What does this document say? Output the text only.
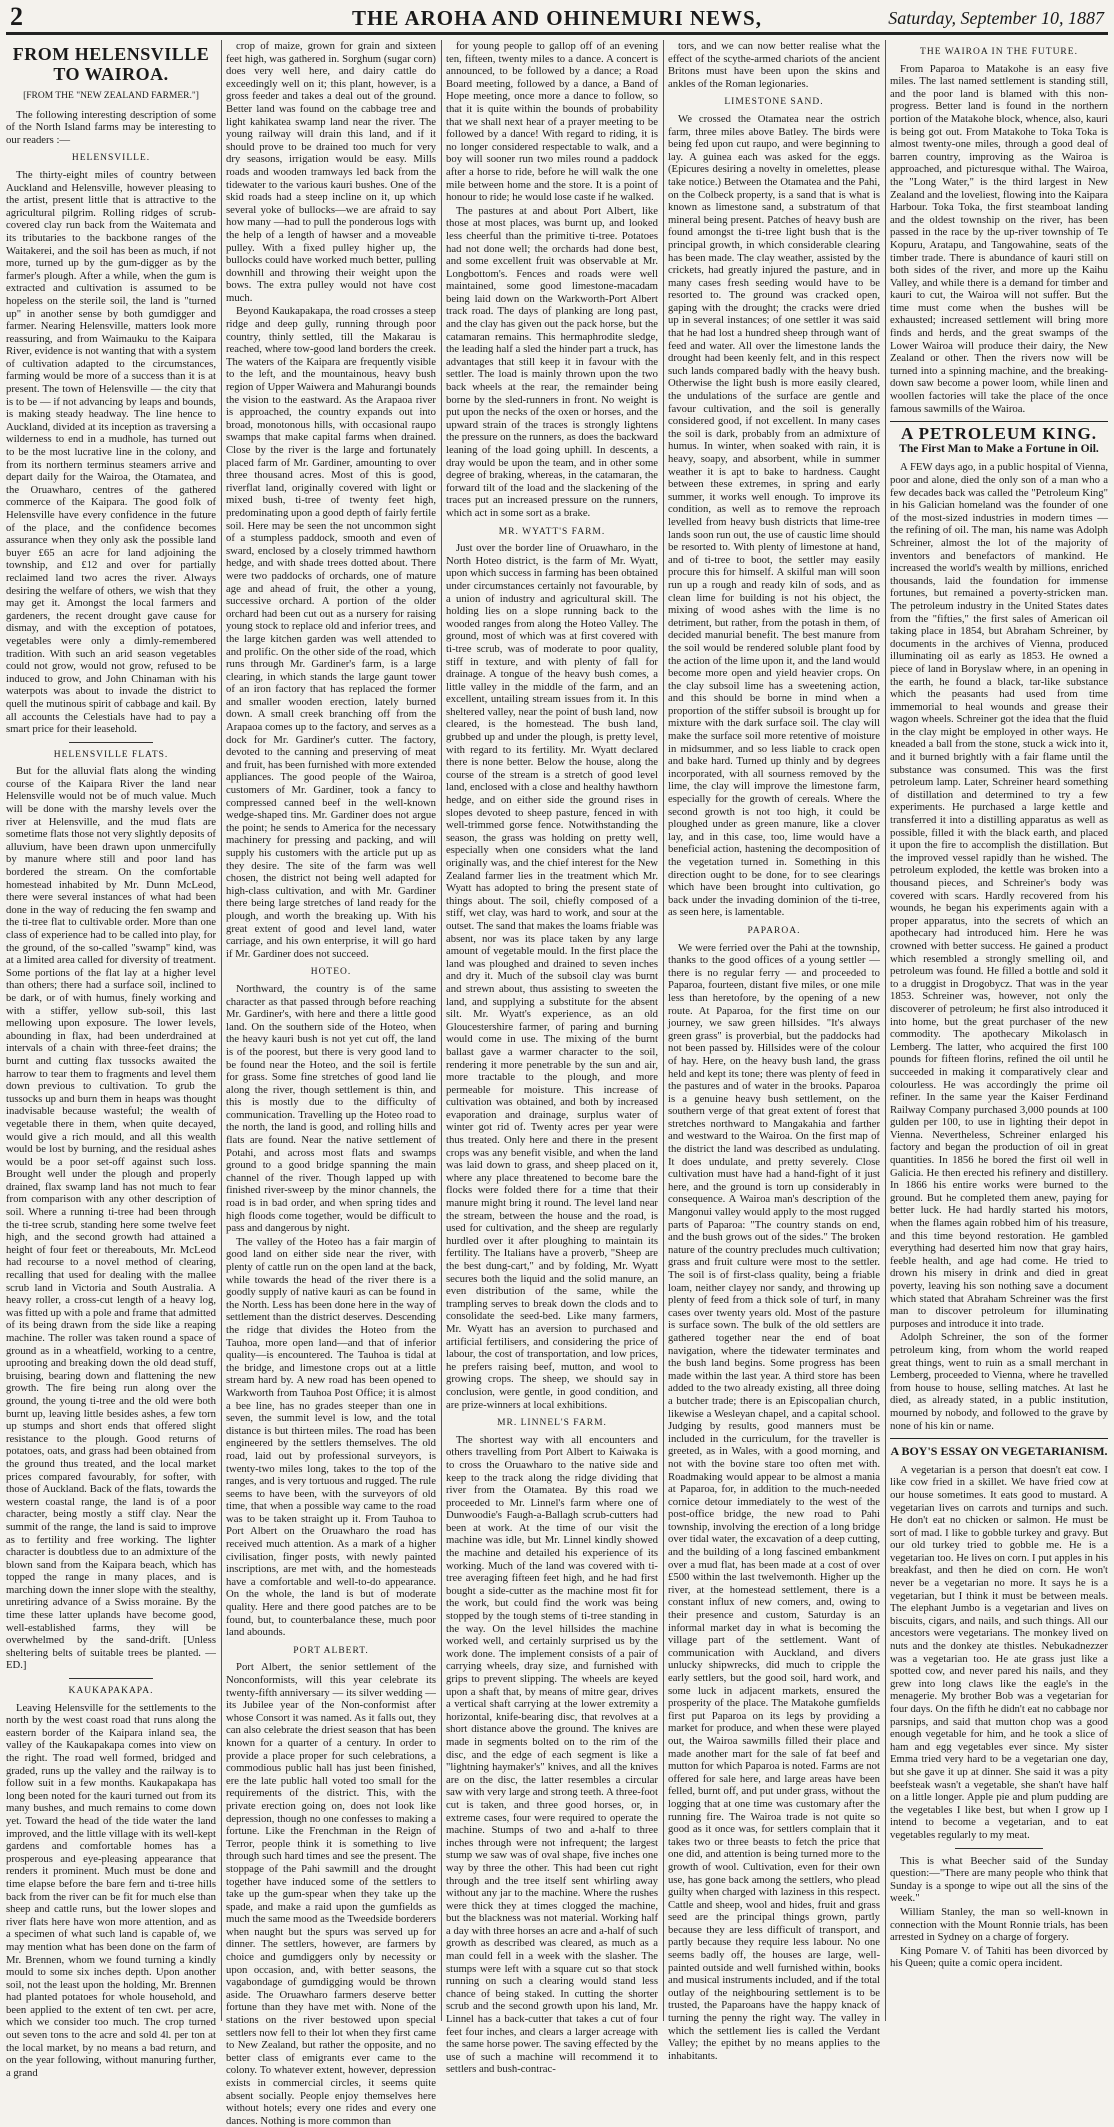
2	THE AROHA AND OHINEMURI NEWS,	Saturday, September 10, 1887
FROM HELENSVILLE TO WAIROA.
[FROM THE "NEW ZEALAND FARMER."]

The following interesting description of some of the North Island farms may be interesting to our readers :—

HELENSVILLE.

The thirty-eight miles of country between Auckland and Helensville, however pleasing to the artist, present little that is attractive to the agricultural pilgrim. Rolling ridges of scrub-covered clay run back from the Waitemata and its tributaries to the backbone ranges of the Waitakerei, and the soil has been as much, if not more, turned up by the gum-digger as by the farmer's plough. After a while, when the gum is extracted and cultivation is assumed to be hopeless on the sterile soil, the land is "turned up" in another sense by both gumdigger and farmer. Nearing Helensville, matters look more reassuring, and from Waimauku to the Kaipara River, evidence is not wanting that with a system of cultivation adapted to the circumstances, farming would be more of a success than it is at present. The town of Helensville — the city that is to be — if not advancing by leaps and bounds, is making steady headway. The line hence to Auckland, divided at its inception as traversing a wilderness to end in a mudhole, has turned out to be the most lucrative line in the colony, and from its northern terminus steamers arrive and depart daily for the Wairoa, the Otamatea, and the Oruawharo, centres of the gathered commerce of the Kaipara. The good folk of Helensville have every confidence in the future of the place, and the confidence becomes assurance when they only ask the possible land buyer £65 an acre for land adjoining the township, and £12 and over for partially reclaimed land two acres the river. Always desiring the welfare of others, we wish that they may get it. Amongst the local farmers and gardeners, the recent drought gave cause for dismay, and with the exception of potatoes, vegetables were only a dimly-remembered tradition. With such an arid season vegetables could not grow, would not grow, refused to be induced to grow, and John Chinaman with his waterpots was about to invade the district to quell the mutinous spirit of cabbage and kail. By all accounts the Celestials have had to pay a smart price for their leasehold.

HELENSVILLE FLATS.

But for the alluvial flats along the winding course of the Kaipara River the land near Helensville would not be of much value. Much will be done with the marshy levels over the river at Helensville, and the mud flats are sometime flats those not very slightly deposits of alluvium, have been drawn upon unmercifully by manure where still and poor land has bordered the stream. On the comfortable homestead inhabited by Mr. Dunn McLeod, there were several instances of what had been done in the way of reducing the fen swamp and the ti-tree flat to cultivable order. More than one class of experience had to be called into play, for the ground, of the so-called "swamp" kind, was at a limited area called for diversity of treatment. Some portions of the flat lay at a higher level than others; there had a surface soil, inclined to be dark, or of with humus, finely working and with a stiffer, yellow sub-soil, this last mellowing upon exposure. The lower levels, abounding in flax, had been underdrained at intervals of a chain with three-feet drains; the burnt and cutting flax tussocks awaited the harrow to tear them to fragments and level them down previous to cultivation. To grub the tussocks up and burn them in heaps was thought inadvisable because wasteful; the wealth of vegetable there in them, when quite decayed, would give a rich mould, and all this wealth would be lost by burning, and the residual ashes would be a poor set-off against such loss. Brought well under the plough and properly drained, flax swamp land has not much to fear from comparison with any other description of soil. Where a running ti-tree had been through the ti-tree scrub, standing here some twelve feet high, and the second growth had attained a height of four feet or thereabouts, Mr. McLeod had recourse to a novel method of clearing, recalling that used for dealing with the mallee scrub land in Victoria and South Australia. A heavy roller, a cross-cut length of a heavy log, was fitted up with a pole and frame that admitted of its being drawn from the side like a reaping machine. The roller was taken round a space of ground as in a wheatfield, working to a centre, uprooting and breaking down the old dead stuff, bruising, bearing down and flattening the new growth. The fire being run along over the ground, the young ti-tree and the old were both burnt up, leaving little besides ashes, a few torn up stumps and short ends that offered slight resistance to the plough. Good returns of potatoes, oats, and grass had been obtained from the ground thus treated, and the local market prices compared favourably, for softer, with those of Auckland. Back of the flats, towards the western coastal range, the land is of a poor character, being mostly a stiff clay. Near the summit of the range, the land is said to improve as to fertility and free working. The lighter character is doubtless due to an admixture of the blown sand from the Kaipara beach, which has topped the range in many places, and is marching down the inner slope with the stealthy, unretiring advance of a Swiss moraine. By the time these latter uplands have become good, well-established farms, they will be overwhelmed by the sand-drift. [Unless sheltering belts of suitable trees be planted. —ED.]

KAUKAPAKAPA.

Leaving Helensville for the settlements to the north by the west coast road that runs along the eastern border of the Kaipara inland sea, the valley of the Kaukapakapa comes into view on the right. The road well formed, bridged and graded, runs up the valley and the railway is to follow suit in a few months. Kaukapakapa has long been noted for the kauri turned out from its many bushes, and much remains to come down yet. Toward the head of the tide water the land improved, and the little village with its well-kept gardens and comfortable homes has a prosperous and eye-pleasing appearance that renders it prominent. Much must be done and time elapse before the bare fern and ti-tree hills back from the river can be fit for much else than sheep and cattle runs, but the lower slopes and river flats here have won more attention, and as a specimen of what such land is capable of, we may mention what has been done on the farm of Mr. Brennen, whom we found turning a kindly mould to some six inches depth. Upon another soil, not the least upon the holding, Mr. Brennen had planted potatoes for whole household, and been applied to the extent of ten cwt. per acre, which we consider too much. The crop turned out seven tons to the acre and sold 4l. per ton at the local market, by no means a bad return, and on the year following, without manuring further, a grand

crop of maize, grown for grain and sixteen feet high, was gathered in. Sorghum (sugar corn) does very well here, and dairy cattle do exceedingly well on it; this plant, however, is a gross feeder and takes a deal out of the ground. Better land was found on the cabbage tree and light kahikatea swamp land near the river. The young railway will drain this land, and if it should prove to be drained too much for very dry seasons, irrigation would be easy. Mills roads and wooden tramways led back from the tidewater to the various kauri bushes. One of the skid roads had a steep incline on it, up which several yoke of bullocks—we are afraid to say how many —had to pull the ponderous logs with the help of a length of hawser and a moveable pulley. With a fixed pulley higher up, the bullocks could have worked much better, pulling downhill and throwing their weight upon the bows. The extra pulley would not have cost much.

Beyond Kaukapakapa, the road crosses a steep ridge and deep gully, running through poor country, thinly settled, till the Makarau is reached, where tow-good land borders the creek. The waters of the Kaipara are frequently visible to the left, and the mountainous, heavy bush region of Upper Waiwera and Mahurangi bounds the vision to the eastward. As the Arapaoa river is approached, the country expands out into broad, monotonous hills, with occasional raupo swamps that make capital farms when drained. Close by the river is the large and fortunately placed farm of Mr. Gardiner, amounting to over three thousand acres. Most of this is good, riverflat land, originally covered with light or mixed bush, ti-tree of twenty feet high, predominating upon a good depth of fairly fertile soil. Here may be seen the not uncommon sight of a stumpless paddock, smooth and even of sward, enclosed by a closely trimmed hawthorn hedge, and with shade trees dotted about. There were two paddocks of orchards, one of mature age and ahead of fruit, the other a young, successive orchard. A portion of the older orchard had been cut out as a nursery for raising young stock to replace old and inferior trees, and the large kitchen garden was well attended to and prolific. On the other side of the road, which runs through Mr. Gardiner's farm, is a large clearing, in which stands the large gaunt tower of an iron factory that has replaced the former and smaller wooden erection, lately burned down. A small creek branching off from the Arapaoa comes up to the factory, and serves as a dock for Mr. Gardiner's cutter. The factory, devoted to the canning and preserving of meat and fruit, has been furnished with more extended appliances. The good people of the Wairoa, customers of Mr. Gardiner, took a fancy to compressed canned beef in the well-known wedge-shaped tins. Mr. Gardiner does not argue the point; he sends to America for the necessary machinery for pressing and packing, and will supply his customers with the article put up as they desire. The site of the farm was well chosen, the district not being well adapted for high-class cultivation, and with Mr. Gardiner there being large stretches of land ready for the plough, and worth the breaking up. With his great extent of good and level land, water carriage, and his own enterprise, it will go hard if Mr. Gardiner does not succeed.

HOTEO.

Northward, the country is of the same character as that passed through before reaching Mr. Gardiner's, with here and there a little good land. On the southern side of the Hoteo, when the heavy kauri bush is not yet cut off, the land is of the poorest, but there is very good land to be found near the Hoteo, and the soil is fertile for grass. Some fine stretches of good land lie along the river, though settlement is thin, and this is mostly due to the difficulty of communication. Travelling up the Hoteo road to the north, the land is good, and rolling hills and flats are found. Near the native settlement of Potahi, and across most flats and swamps ground to a good bridge spanning the main channel of the river. Though lapped up with finished river-sweep by the minor channels, the road is in bad order, and when spring tides and high floods come together, would be difficult to pass and dangerous by night.

The valley of the Hoteo has a fair margin of good land on either side near the river, with plenty of cattle run on the open land at the back, while towards the head of the river there is a goodly supply of native kauri as can be found in the North. Less has been done here in the way of settlement than the district deserves. Descending the ridge that divides the Hoteo from the Tauhoa, more open land—and that of inferior quality—is encountered. The Tauhoa is tidal at the bridge, and limestone crops out at a little stream hard by. A new road has been opened to Warkworth from Tauhoa Post Office; it is almost a bee line, has no grades steeper than one in seven, the summit level is low, and the total distance is but thirteen miles. The road has been engineered by the settlers themselves. The old road, laid out by professional surveyors, is twenty-two miles long, takes to the top of the ranges, and is very tortuous and rugged. The rule seems to have been, with the surveyors of old time, that when a possible way came to the road was to be taken straight up it. From Tauhoa to Port Albert on the Oruawharo the road has received much attention. As a mark of a higher civilisation, finger posts, with newly painted inscriptions, are met with, and the homesteads have a comfortable and well-to-do appearance. On the whole, the land is but of moderate quality. Here and there good patches are to be found, but, to counterbalance these, much poor land abounds.

PORT ALBERT.

Port Albert, the senior settlement of the Nonconformists, will this year celebrate its twenty-fifth anniversary — its silver wedding — its Jubilee year of the Non-conformist after whose Consort it was named. As it falls out, they can also celebrate the driest season that has been known for a quarter of a century. In order to provide a place proper for such celebrations, a commodious public hall has just been finished, ere the late public hall voted too small for the requirements of the district. This, with the private erection going on, does not look like depression, though no one confesses to making a fortune. Like the Frenchman in the Reign of Terror, people think it is something to live through such hard times and see the present. The stoppage of the Pahi sawmill and the drought together have induced some of the settlers to take up the gum-spear when they take up the spade, and make a raid upon the gumfields as much the same mood as the Tweedside borderers when naught but the spurs was served up for dinner. The settlers, however, are farmers by choice and gumdiggers only by necessity or upon occasion, and, with better seasons, the vagabondage of gumdigging would be thrown aside. The Oruawharo farmers deserve better fortune than they have met with. None of the stations on the river bestowed upon special settlers now fell to their lot when they first came to New Zealand, but rather the opposite, and no better class of emigrants ever came to the colony. To whatever extent, however, depression exists in commercial circles, it seems quite absent socially. People enjoy themselves here without hotels; every one rides and every one dances. Nothing is more common than

for young people to gallop off of an evening ten, fifteen, twenty miles to a dance. A concert is announced, to be followed by a dance; a Road Board meeting, followed by a dance, a Band of Hope meeting, once more a dance to follow, so that it is quite within the bounds of probability that we shall next hear of a prayer meeting to be followed by a dance! With regard to riding, it is no longer considered respectable to walk, and a boy will sooner run two miles round a paddock after a horse to ride, before he will walk the one mile between home and the store. It is a point of honour to ride; he would lose caste if he walked.

The pastures at and about Port Albert, like those at most places, was burnt up, and looked less cheerful than the primitive ti-tree. Potatoes had not done well; the orchards had done best, and some excellent fruit was observable at Mr. Longbottom's. Fences and roads were well maintained, some good limestone-macadam being laid down on the Warkworth-Port Albert track road. The days of planking are long past, and the clay has given out the pack horse, but the catamaran remains. This hermaphrodite sledge, the leading half a sled the hinder part a truck, has advantages that still keep it in favour with the settler. The load is mainly thrown upon the two back wheels at the rear, the remainder being borne by the sled-runners in front. No weight is put upon the necks of the oxen or horses, and the upward strain of the traces is strongly lightens the pressure on the runners, as does the backward leaning of the load going uphill. In descents, a dray would be upon the team, and in other some degree of braking, whereas, in the catamaran, the forward tilt of the load and the slackening of the traces put an increased pressure on the runners, which act in some sort as a brake.

MR. WYATT'S FARM.

Just over the border line of Oruawharo, in the North Hoteo district, is the farm of Mr. Wyatt, upon which success in farming has been obtained under circumstances certainly not favourable, by a union of industry and agricultural skill. The holding lies on a slope running back to the wooded ranges from along the Hoteo Valley. The ground, most of which was at first covered with ti-tree scrub, was of moderate to poor quality, stiff in texture, and with plenty of fall for drainage. A tongue of the heavy bush comes, a little valley in the middle of the farm, and an excellent, untailing stream issues from it. In this sheltered valley, near the point of bush land, now cleared, is the homestead. The bush land, grubbed up and under the plough, is pretty level, with regard to its fertility. Mr. Wyatt declared there is none better. Below the house, along the course of the stream is a stretch of good level land, enclosed with a close and healthy hawthorn hedge, and on either side the ground rises in slopes devoted to sheep pasture, fenced in with well-trimmed gorse fence. Notwithstanding the season, the grass was holding on pretty well, especially when one considers what the land originally was, and the chief interest for the New Zealand farmer lies in the treatment which Mr. Wyatt has adopted to bring the present state of things about. The soil, chiefly composed of a stiff, wet clay, was hard to work, and sour at the outset. The sand that makes the loams friable was absent, nor was its place taken by any large amount of vegetable mould. In the first place the land was ploughed and drained to seven inches and dry it. Much of the subsoil clay was burnt and strewn about, thus assisting to sweeten the land, and supplying a substitute for the absent silt. Mr. Wyatt's experience, as an old Gloucestershire farmer, of paring and burning would come in use. The mixing of the burnt ballast gave a warmer character to the soil, rendering it more penetrable by the sun and air, more tractable to the plough, and more permeable for moisture. This increase of cultivation was obtained, and both by increased evaporation and drainage, surplus water of winter got rid of. Twenty acres per year were thus treated. Only here and there in the present crops was any benefit visible, and when the land was laid down to grass, and sheep placed on it, where any place threatened to become bare the flocks were folded there for a time that their manure might bring it round. The level land near the stream, between the house and the road, is used for cultivation, and the sheep are regularly hurdled over it after ploughing to maintain its fertility. The Italians have a proverb, "Sheep are the best dung-cart," and by folding, Mr. Wyatt secures both the liquid and the solid manure, an even distribution of the same, while the trampling serves to break down the clods and to consolidate the seed-bed. Like many farmers, Mr. Wyatt has an aversion to purchased and artificial fertilisers, and considering the price of labour, the cost of transportation, and low prices, he prefers raising beef, mutton, and wool to growing crops. The sheep, we should say in conclusion, were gentle, in good condition, and are prize-winners at local exhibitions.

MR. LINNEL'S FARM.

The shortest way with all encounters and others travelling from Port Albert to Kaiwaka is to cross the Oruawharo to the native side and keep to the track along the ridge dividing that river from the Otamatea. By this road we proceeded to Mr. Linnel's farm where one of Dunwoodie's Faugh-a-Ballagh scrub-cutters had been at work. At the time of our visit the machine was idle, but Mr. Linnel kindly showed the machine and detailed his experience of its working. Much of the land was covered with ti-tree averaging fifteen feet high, and he had first bought a side-cutter as the machine most fit for the work, but could find the work was being stopped by the tough stems of ti-tree standing in the way. On the level hillsides the machine worked well, and certainly surprised us by the work done. The implement consists of a pair of carrying wheels, dray size, and furnished with grips to prevent slipping. The wheels are keyed upon a shaft that, by means of mitre gear, drives a vertical shaft carrying at the lower extremity a horizontal, knife-bearing disc, that revolves at a short distance above the ground. The knives are made in segments bolted on to the rim of the disc, and the edge of each segment is like a "lightning haymaker's" knives, and all the knives are on the disc, the latter resembles a circular saw with very large and strong teeth. A three-foot cut is taken, and three good horses, or, in extreme cases, four were required to operate the machine. Stumps of two and a-half to three inches through were not infrequent; the largest stump we saw was of oval shape, five inches one way by three the other. This had been cut right through and the tree itself sent whirling away without any jar to the machine. Where the rushes were thick they at times clogged the machine, but the blackness was not material. Working half a day with three horses an acre and a-half of such growth as described was cleared, as much as a man could fell in a week with the slasher. The stumps were left with a square cut so that stock running on such a clearing would stand less chance of being staked. In cutting the shorter scrub and the second growth upon his land, Mr. Linnel has a back-cutter that takes a cut of four feet four inches, and clears a larger acreage with the same horse power. The saving effected by the use of such a machine will recommend it to settlers and bush-contrac-

tors, and we can now better realise what the effect of the scythe-armed chariots of the ancient Britons must have been upon the skins and ankles of the Roman legionaries.

LIMESTONE SAND.

We crossed the Otamatea near the ostrich farm, three miles above Batley. The birds were being fed upon cut raupo, and were beginning to lay. A guinea each was asked for the eggs. (Epicures desiring a novelty in omelettes, please take notice.) Between the Otamatea and the Pahi, on the Colbeck property, is a sand that is what is known as limestone sand, a substratum of that mineral being present. Patches of heavy bush are found amongst the ti-tree light bush that is the principal growth, in which considerable clearing has been made. The clay weather, assisted by the crickets, had greatly injured the pasture, and in many cases fresh seeding would have to be resorted to. The ground was cracked open, gaping with the drought; the cracks were dried up in several instances; of one settler it was said that he had lost a hundred sheep through want of feed and water. All over the limestone lands the drought had been keenly felt, and in this respect such lands compared badly with the heavy bush. Otherwise the light bush is more easily cleared, the undulations of the surface are gentle and favour cultivation, and the soil is generally considered good, if not excellent. In many cases the soil is dark, probably from an admixture of humus. In winter, when soaked with rain, it is heavy, soapy, and absorbent, while in summer weather it is apt to bake to hardness. Caught between these extremes, in spring and early summer, it works well enough. To improve its condition, as well as to remove the reproach levelled from heavy bush districts that lime-tree lands soon run out, the use of caustic lime should be resorted to. With plenty of limestone at hand, and of ti-tree to boot, the settler may easily procure this for himself. A skilful man will soon run up a rough and ready kiln of sods, and as clean lime for building is not his object, the mixing of wood ashes with the lime is no detriment, but rather, from the potash in them, of decided manurial benefit. The best manure from the soil would be rendered soluble plant food by the action of the lime upon it, and the land would become more open and yield heavier crops. On the clay subsoil lime has a sweetening action, and this should be borne in mind when a proportion of the stiffer subsoil is brought up for mixture with the dark surface soil. The clay will make the surface soil more retentive of moisture in midsummer, and so less liable to crack open and bake hard. Turned up thinly and by degrees incorporated, with all sourness removed by the lime, the clay will improve the limestone farm, especially for the growth of cereals. Where the second growth is not too high, it could be ploughed under as green manure, like a clover lay, and in this case, too, lime would have a beneficial action, hastening the decomposition of the vegetation turned in. Something in this direction ought to be done, for to see clearings which have been brought into cultivation, go back under the invading dominion of the ti-tree, as seen here, is lamentable.

PAPAROA.

We were ferried over the Pahi at the township, thanks to the good offices of a young settler — there is no regular ferry — and proceeded to Paparoa, fourteen, distant five miles, or one mile less than heretofore, by the opening of a new route. At Paparoa, for the first time on our journey, we saw green hillsides. "It's always green grass" is proverbial, but the paddocks had not been passed by. Hillsides were of the colour of hay. Here, on the heavy bush land, the grass held and kept its tone; there was plenty of feed in the pastures and of water in the brooks. Paparoa is a genuine heavy bush settlement, on the southern verge of that great extent of forest that stretches northward to Mangakahia and farther and westward to the Wairoa. On the first map of the district the land was described as undulating. It does undulate, and pretty severely. Close cultivation must have had a hand-fight of it just here, and the ground is torn up considerably in consequence. A Wairoa man's description of the Mangonui valley would apply to the most rugged parts of Paparoa: "The country stands on end, and the bush grows out of the sides." The broken nature of the country precludes much cultivation; grass and fruit culture were most to the settler. The soil is of first-class quality, being a friable loam, neither clayey nor sandy, and throwing up plenty of feed from a thick sole of turf, in many cases over twenty years old. Most of the pasture is surface sown. The bulk of the old settlers are gathered together near the end of boat navigation, where the tidewater terminates and the bush land begins. Some progress has been made within the last year. A third store has been added to the two already existing, all three doing a butcher trade; there is an Episcopalian church, likewise a Wesleyan chapel, and a capital school. Judging by results, good manners must be included in the curriculum, for the traveller is greeted, as in Wales, with a good morning, and not with the bovine stare too often met with. Roadmaking would appear to be almost a mania at Paparoa, for, in addition to the much-needed cornice detour immediately to the west of the post-office bridge, the new road to Pahi township, involving the erection of a long bridge over tidal water, the excavation of a deep cutting, and the building of a long fascined embankment over a mud flat, has been made at a cost of over £500 within the last twelvemonth. Higher up the river, at the homestead settlement, there is a constant influx of new comers, and, owing to their presence and custom, Saturday is an informal market day in what is becoming the village part of the settlement. Want of communication with Auckland, and divers unlucky shipwrecks, did much to cripple the early settlers, but the good soil, hard work, and some luck in adjacent markets, ensured the prosperity of the place. The Matakohe gumfields first put Paparoa on its legs by providing a market for produce, and when these were played out, the Wairoa sawmills filled their place and made another mart for the sale of fat beef and mutton for which Paparoa is noted. Farms are not offered for sale here, and large areas have been felled, burnt off, and put under grass, without the logging that at one time was customary after the running fire. The Wairoa trade is not quite so good as it once was, for settlers complain that it takes two or three beasts to fetch the price that one did, and attention is being turned more to the growth of wool. Cultivation, even for their own use, has gone back among the settlers, who plead guilty when charged with laziness in this respect. Cattle and sheep, wool and hides, fruit and grass seed are the principal things grown, partly because they are less difficult of transport, and partly because they require less labour. No one seems badly off, the houses are large, well-painted outside and well furnished within, books and musical instruments included, and if the total outlay of the neighbouring settlement is to be trusted, the Paparoans have the happy knack of turning the penny the right way. The valley in which the settlement lies is called the Verdant Valley; the epithet by no means applies to the inhabitants.

THE WAIROA IN THE FUTURE.

From Paparoa to Matakohe is an easy five miles. The last named settlement is standing still, and the poor land is blamed with this non-progress. Better land is found in the northern portion of the Matakohe block, whence, also, kauri is being got out. From Matakohe to Toka Toka is almost twenty-one miles, through a good deal of barren country, improving as the Wairoa is approached, and picturesque withal. The Wairoa, the "Long Water," is the third largest in New Zealand and the loveliest, flowing into the Kaipara Harbour. Toka Toka, the first steamboat landing and the oldest township on the river, has been passed in the race by the up-river township of Te Kopuru, Aratapu, and Tangowahine, seats of the timber trade. There is abundance of kauri still on both sides of the river, and more up the Kaihu Valley, and while there is a demand for timber and kauri to cut, the Wairoa will not suffer. But the time must come when the bushes will be exhausted; increased settlement will bring more finds and herds, and the great swamps of the Lower Wairoa will produce their dairy, the New Zealand or other. Then the rivers now will be turned into a spinning machine, and the breaking-down saw become a power loom, while linen and woollen factories will take the place of the once famous sawmills of the Wairoa.

A PETROLEUM KING.
The First Man to Make a Fortune in Oil.

A FEW days ago, in a public hospital of Vienna, poor and alone, died the only son of a man who a few decades back was called the "Petroleum King" in his Galician homeland was the founder of one of the most-sized industries in modern times — the refining of oil. The man, his name was Adolph Schreiner, almost the lot of the majority of inventors and benefactors of mankind. He increased the world's wealth by millions, enriched thousands, laid the foundation for immense fortunes, but remained a poverty-stricken man. The petroleum industry in the United States dates from the "fifties," the first sales of American oil taking place in 1854, but Abraham Schreiner, by documents in the archives of Vienna, produced illuminating oil as early as 1853. He owned a piece of land in Boryslaw where, in an opening in the earth, he found a black, tar-like substance which the peasants had used from time immemorial to heal wounds and grease their wagon wheels. Schreiner got the idea that the fluid in the clay might be employed in other ways. He kneaded a ball from the stone, stuck a wick into it, and it burned brightly with a fair flame until the substance was consumed. This was the first petroleum lamp. Later, Schreiner heard something of distillation and determined to try a few experiments. He purchased a large kettle and transferred it into a distilling apparatus as well as possible, filled it with the black earth, and placed it upon the fire to accomplish the distillation. But the improved vessel rapidly than he wished. The petroleum exploded, the kettle was broken into a thousand pieces, and Schreiner's body was covered with scars. Hardly recovered from his wounds, he began his experiments again with a proper apparatus, into the secrets of which an apothecary had introduced him. Here he was crowned with better success. He gained a product which resembled a strongly smelling oil, and petroleum was found. He filled a bottle and sold it to a druggist in Drogobycz. That was in the year 1853. Schreiner was, however, not only the discoverer of petroleum; he first also introduced it into home, but the great purchaser of the new commodity. The apothecary Mikolasch in Lemberg. The latter, who acquired the first 100 pounds for fifteen florins, refined the oil until he succeeded in making it comparatively clear and colourless. He was accordingly the prime oil refiner. In the same year the Kaiser Ferdinand Railway Company purchased 3,000 pounds at 100 gulden per 100, to use in lighting their depot in Vienna. Nevertheless, Schreiner enlarged his factory and began the production of oil in great quantities. In 1856 he bored the first oil well in Galicia. He then erected his refinery and distillery. In 1866 his entire works were burned to the ground. But he completed them anew, paying for better luck. He had hardly started his motors, when the flames again robbed him of his treasure, and this time beyond restoration. He gambled everything had deserted him now that gray hairs, feeble health, and age had come. He tried to drown his misery in drink and died in great poverty, leaving his son nothing save a document which stated that Abraham Schreiner was the first man to discover petroleum for illuminating purposes and introduce it into trade.

Adolph Schreiner, the son of the former petroleum king, from whom the world reaped great things, went to ruin as a small merchant in Lemberg, proceeded to Vienna, where he travelled from house to house, selling matches. At last he died, as already stated, in a public institution, mourned by nobody, and followed to the grave by none of his kin or name.

A BOY'S ESSAY ON VEGETARIANISM.

A vegetarian is a person that doesn't eat cow. I like cow fried in a skillet. We have fried cow at our house sometimes. It eats good to mustard. A vegetarian lives on carrots and turnips and such. He don't eat no chicken or salmon. He must be sort of mad. I like to gobble turkey and gravy. But our old turkey tried to gobble me. He is a vegetarian too. He lives on corn. I put apples in his breakfast, and then he died on corn. He won't never be a vegetarian no more. It says he is a vegetarian, but I think it must be between meals. The elephant Jumbo is a vegetarian and lives on biscuits, cigars, and nails, and such things. All our ancestors were vegetarians. The monkey lived on nuts and the donkey ate thistles. Nebukadnezzer was a vegetarian too. He ate grass just like a spotted cow, and never pared his nails, and they grew into long claws like the eagle's in the menagerie. My brother Bob was a vegetarian for four days. On the fifth he didn't eat no cabbage nor parsnips, and said that mutton chop was a good enough vegetable for him, and he took a slice of ham and egg vegetables ever since. My sister Emma tried very hard to be a vegetarian one day, but she gave it up at dinner. She said it was a pity beefsteak wasn't a vegetable, she shan't have half on a little longer. Apple pie and plum pudding are the vegetables I like best, but when I grow up I intend to become a vegetarian, and to eat vegetables regularly to my meat.

This is what Beecher said of the Sunday question:—"There are many people who think that Sunday is a sponge to wipe out all the sins of the week."

William Stanley, the man so well-known in connection with the Mount Ronnie trials, has been arrested in Sydney on a charge of forgery.

King Pomare V. of Tahiti has been divorced by his Queen; quite a comic opera incident.
